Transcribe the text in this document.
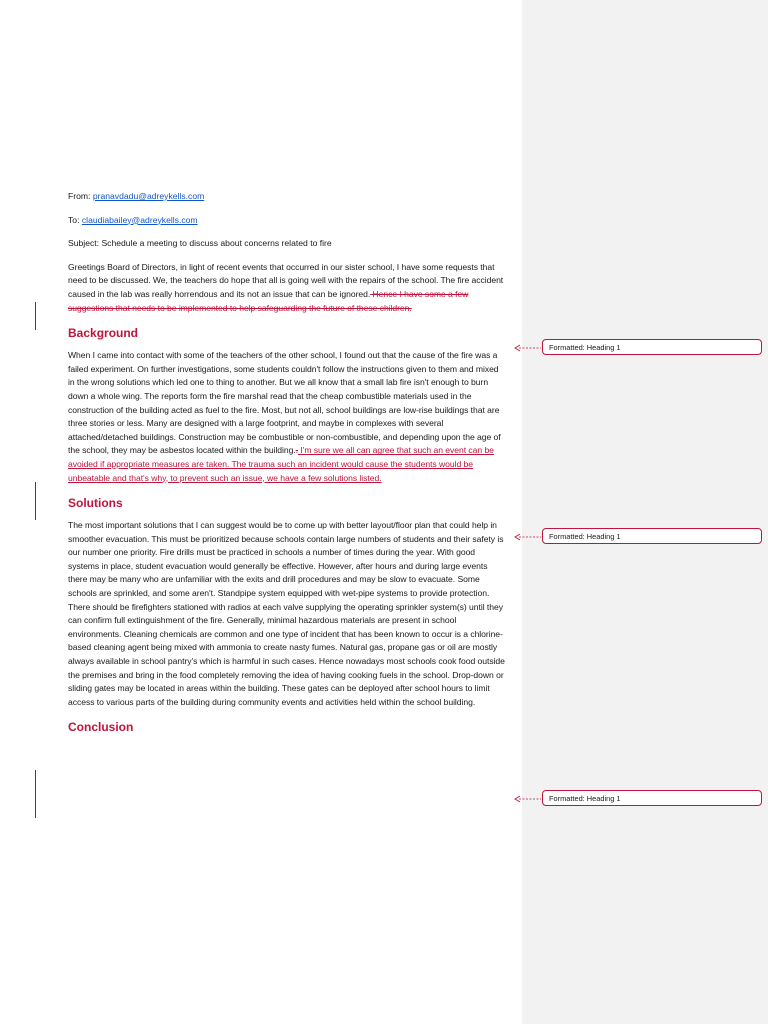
From: pranavdadu@adreykells.com
To: claudiabailey@adreykells.com
Subject: Schedule a meeting to discuss about concerns related to fire

Greetings Board of Directors, in light of recent events that occurred in our sister school, I have some requests that need to be discussed. We, the teachers do hope that all is going well with the repairs of the school. The fire accident caused in the lab was really horrendous and its not an issue that can be ignored. Hence I have some a few suggestions that needs to be implemented to help safeguarding the future of these children.

Background

When I came into contact with some of the teachers of the other school, I found out that the cause of the fire was a failed experiment. On further investigations, some students couldn't follow the instructions given to them and mixed in the wrong solutions which led one to thing to another. But we all know that a small lab fire isn't enough to burn down a whole wing. The reports form the fire marshal read that the cheap combustible materials used in the construction of the building acted as fuel to the fire. Most, but not all, school buildings are low-rise buildings that are three stories or less. Many are designed with a large footprint, and maybe in complexes with several attached/detached buildings. Construction may be combustible or non-combustible, and depending upon the age of the school, they may be asbestos located within the building.. I'm sure we all can agree that such an event can be avoided if appropriate measures are taken. The trauma such an incident would cause the students would be unbeatable and that's why, to prevent such an issue, we have a few solutions listed.

Solutions

The most important solutions that I can suggest would be to come up with better layout/floor plan that could help in smoother evacuation. This must be prioritized because schools contain large numbers of students and their safety is our number one priority. Fire drills must be practiced in schools a number of times during the year. With good systems in place, student evacuation would generally be effective. However, after hours and during large events there may be many who are unfamiliar with the exits and drill procedures and may be slow to evacuate. Some schools are sprinkled, and some aren't. Standpipe system equipped with wet-pipe systems to provide protection. There should be firefighters stationed with radios at each valve supplying the operating sprinkler system(s) until they can confirm full extinguishment of the fire. Generally, minimal hazardous materials are present in school environments. Cleaning chemicals are common and one type of incident that has been known to occur is a chlorine-based cleaning agent being mixed with ammonia to create nasty fumes. Natural gas, propane gas or oil are mostly always available in school pantry's which is harmful in such cases. Hence nowadays most schools cook food outside the premises and bring in the food completely removing the idea of having cooking fuels in the school. Drop-down or sliding gates may be located in areas within the building. These gates can be deployed after school hours to limit access to various parts of the building during community events and activities held within the school building.

Conclusion
Formatted: Heading 1
Formatted: Heading 1
Formatted: Heading 1
